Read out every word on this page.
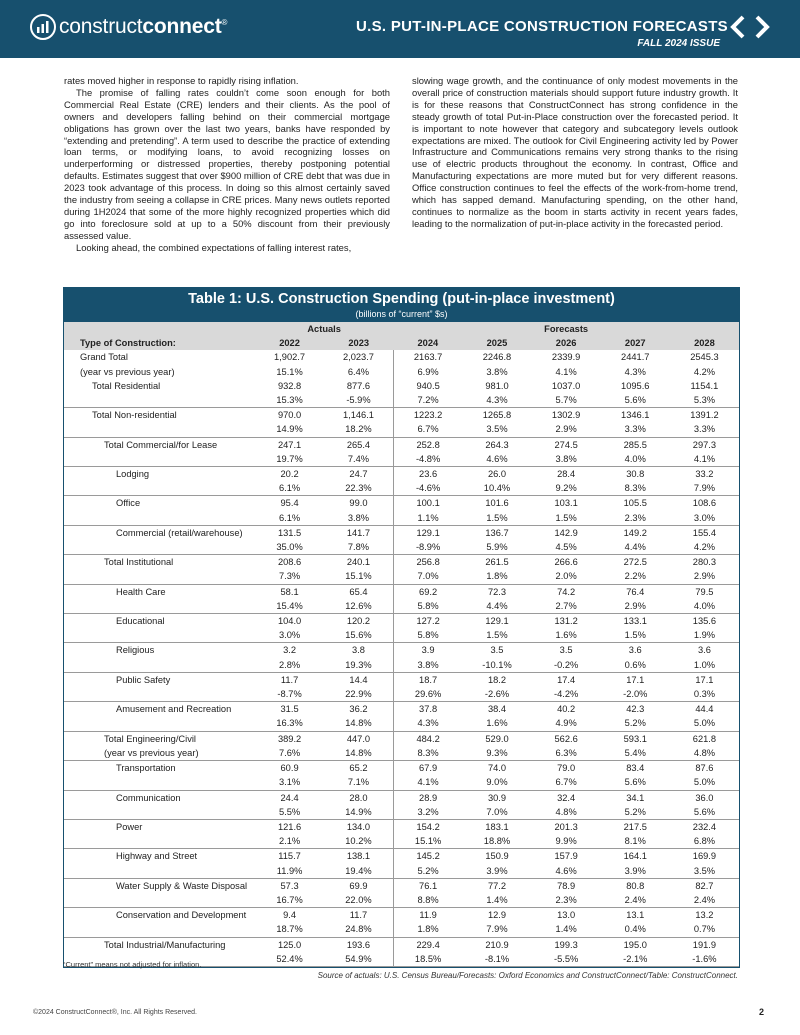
constructconnect®	U.S. PUT-IN-PLACE CONSTRUCTION FORECASTS
FALL 2024 ISSUE

rates moved higher in response to rapidly rising inflation.

The promise of falling rates couldn’t come soon enough for both Commercial Real Estate (CRE) lenders and their clients. As the pool of owners and developers falling behind on their commercial mortgage obligations has grown over the last two years, banks have responded by “extending and pretending”. A term used to describe the practice of extending loan terms, or modifying loans, to avoid recognizing losses on underperforming or distressed properties, thereby postponing potential defaults. Estimates suggest that over $900 million of CRE debt that was due in 2023 took advantage of this process. In doing so this almost certainly saved the industry from seeing a collapse in CRE prices. Many news outlets reported during 1H2024 that some of the more highly recognized properties which did go into foreclosure sold at up to a 50% discount from their previously assessed value.

Looking ahead, the combined expectations of falling interest rates,

slowing wage growth, and the continuance of only modest movements in the overall price of construction materials should support future industry growth. It is for these reasons that ConstructConnect has strong confidence in the steady growth of total Put-in-Place construction over the forecasted period. It is important to note however that category and subcategory levels outlook expectations are mixed. The outlook for Civil Engineering activity led by Power Infrastructure and Communications remains very strong thanks to the rising use of electric products throughout the economy. In contrast, Office and Manufacturing expectations are more muted but for very different reasons. Office construction continues to feel the effects of the work-from-home trend, which has sapped demand. Manufacturing spending, on the other hand, continues to normalize as the boom in starts activity in recent years fades, leading to the normalization of put-in-place activity in the forecasted period.

Table 1: U.S. Construction Spending (put-in-place investment)
(billions of “current” $s)
	Actuals		Forecasts				
Type of Construction:	2022	2023	2024	2025	2026	2027	2028
Grand Total	1,902.7	2,023.7	2163.7	2246.8	2339.9	2441.7	2545.3
(year vs previous year)	15.1%	6.4%	6.9%	3.8%	4.1%	4.3%	4.2%
Total Residential	932.8	877.6	940.5	981.0	1037.0	1095.6	1154.1
	15.3%	-5.9%	7.2%	4.3%	5.7%	5.6%	5.3%
Total Non-residential	970.0	1,146.1	1223.2	1265.8	1302.9	1346.1	1391.2
	14.9%	18.2%	6.7%	3.5%	2.9%	3.3%	3.3%
Total Commercial/for Lease	247.1	265.4	252.8	264.3	274.5	285.5	297.3
	19.7%	7.4%	-4.8%	4.6%	3.8%	4.0%	4.1%
Lodging	20.2	24.7	23.6	26.0	28.4	30.8	33.2
	6.1%	22.3%	-4.6%	10.4%	9.2%	8.3%	7.9%
Office	95.4	99.0	100.1	101.6	103.1	105.5	108.6
	6.1%	3.8%	1.1%	1.5%	1.5%	2.3%	3.0%
Commercial (retail/warehouse)	131.5	141.7	129.1	136.7	142.9	149.2	155.4
	35.0%	7.8%	-8.9%	5.9%	4.5%	4.4%	4.2%
Total Institutional	208.6	240.1	256.8	261.5	266.6	272.5	280.3
	7.3%	15.1%	7.0%	1.8%	2.0%	2.2%	2.9%
Health Care	58.1	65.4	69.2	72.3	74.2	76.4	79.5
	15.4%	12.6%	5.8%	4.4%	2.7%	2.9%	4.0%
Educational	104.0	120.2	127.2	129.1	131.2	133.1	135.6
	3.0%	15.6%	5.8%	1.5%	1.6%	1.5%	1.9%
Religious	3.2	3.8	3.9	3.5	3.5	3.6	3.6
	2.8%	19.3%	3.8%	-10.1%	-0.2%	0.6%	1.0%
Public Safety	11.7	14.4	18.7	18.2	17.4	17.1	17.1
	-8.7%	22.9%	29.6%	-2.6%	-4.2%	-2.0%	0.3%
Amusement and Recreation	31.5	36.2	37.8	38.4	40.2	42.3	44.4
	16.3%	14.8%	4.3%	1.6%	4.9%	5.2%	5.0%
Total Engineering/Civil	389.2	447.0	484.2	529.0	562.6	593.1	621.8
(year vs previous year)	7.6%	14.8%	8.3%	9.3%	6.3%	5.4%	4.8%
Transportation	60.9	65.2	67.9	74.0	79.0	83.4	87.6
	3.1%	7.1%	4.1%	9.0%	6.7%	5.6%	5.0%
Communication	24.4	28.0	28.9	30.9	32.4	34.1	36.0
	5.5%	14.9%	3.2%	7.0%	4.8%	5.2%	5.6%
Power	121.6	134.0	154.2	183.1	201.3	217.5	232.4
	2.1%	10.2%	15.1%	18.8%	9.9%	8.1%	6.8%
Highway and Street	115.7	138.1	145.2	150.9	157.9	164.1	169.9
	11.9%	19.4%	5.2%	3.9%	4.6%	3.9%	3.5%
Water Supply & Waste Disposal	57.3	69.9	76.1	77.2	78.9	80.8	82.7
	16.7%	22.0%	8.8%	1.4%	2.3%	2.4%	2.4%
Conservation and Development	9.4	11.7	11.9	12.9	13.0	13.1	13.2
	18.7%	24.8%	1.8%	7.9%	1.4%	0.4%	0.7%
Total Industrial/Manufacturing	125.0	193.6	229.4	210.9	199.3	195.0	191.9
	52.4%	54.9%	18.5%	-8.1%	-5.5%	-2.1%	-1.6%
“Current” means not adjusted for inflation.
Source of actuals: U.S. Census Bureau/Forecasts: Oxford Economics and ConstructConnect/Table: ConstructConnect.
©2024 ConstructConnect®, Inc. All Rights Reserved.	2
